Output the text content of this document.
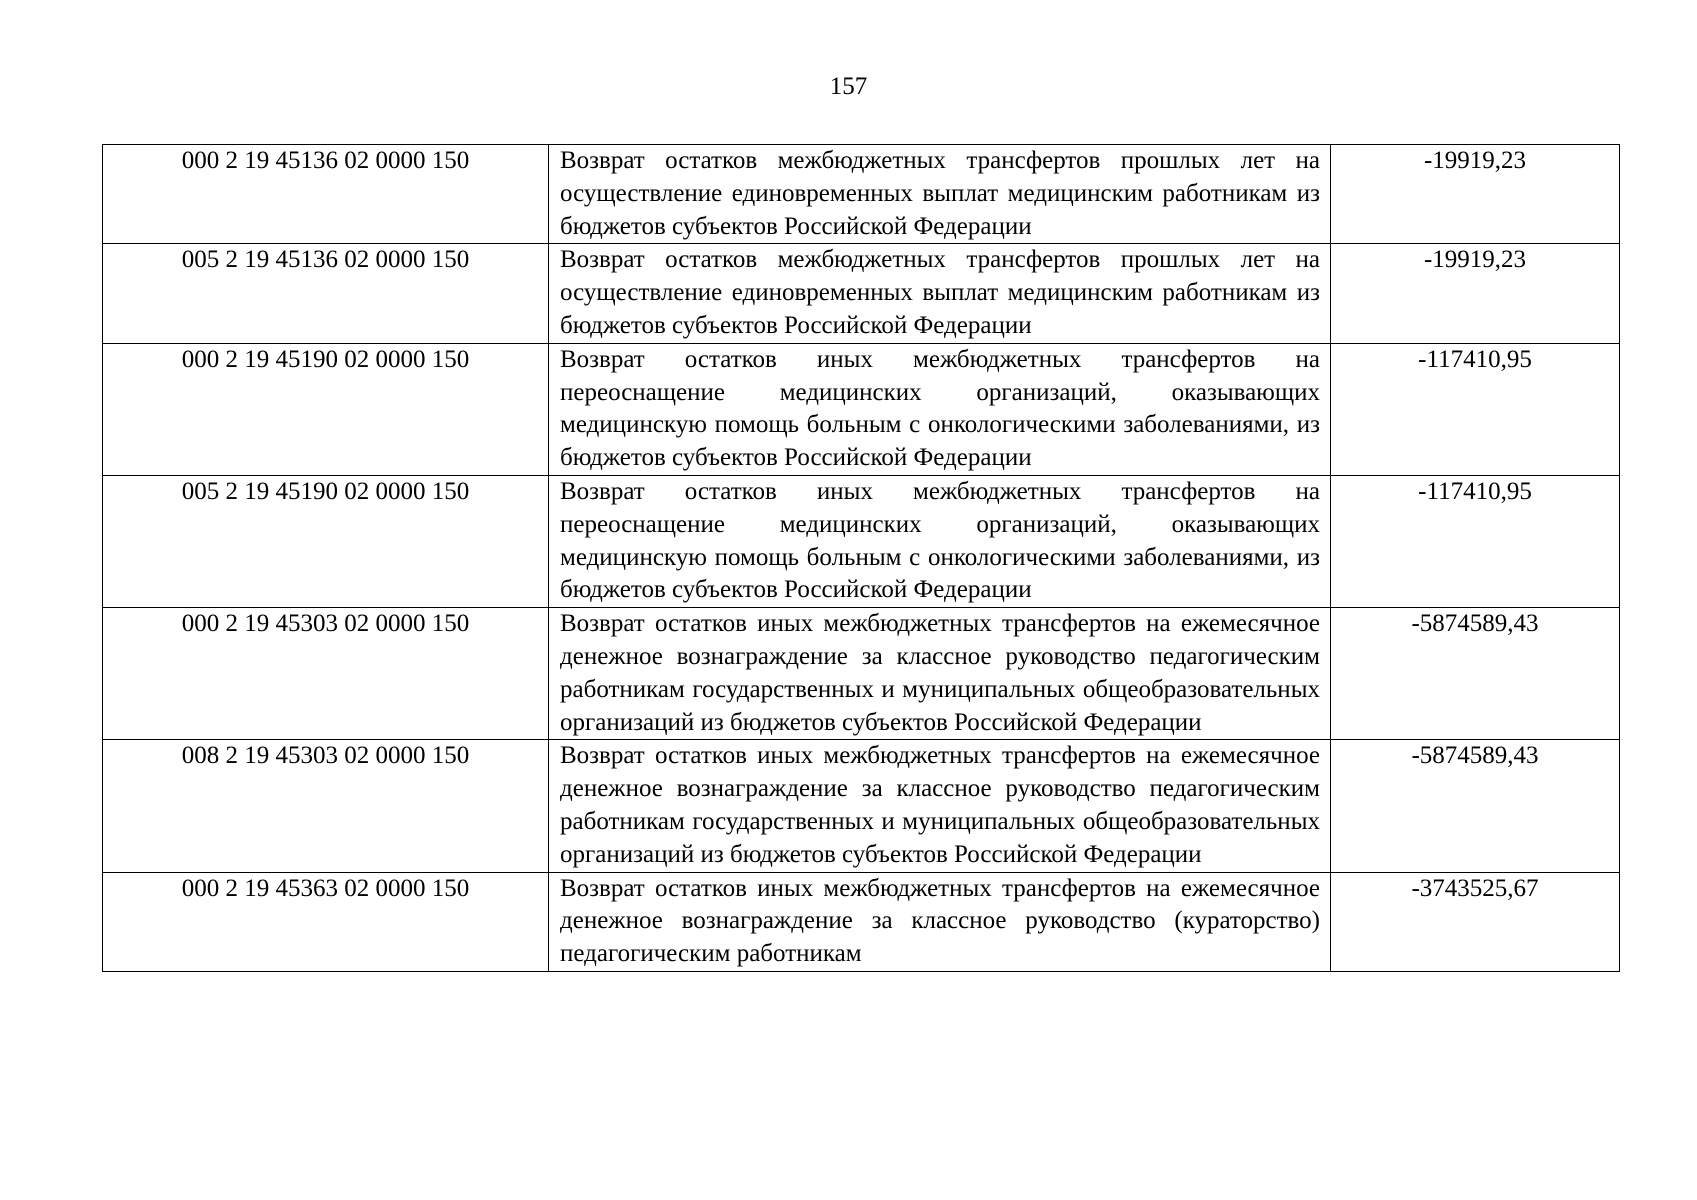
157
000 2 19 45136 02 0000 150	Возврат остатков межбюджетных трансфертов прошлых лет на осуществление единовременных выплат медицинским работникам из бюджетов субъектов Российской Федерации	-19919,23
005 2 19 45136 02 0000 150	Возврат остатков межбюджетных трансфертов прошлых лет на осуществление единовременных выплат медицинским работникам из бюджетов субъектов Российской Федерации	-19919,23
000 2 19 45190 02 0000 150	Возврат остатков иных межбюджетных трансфертов на переоснащение медицинских организаций, оказывающих медицинскую помощь больным с онкологическими заболеваниями, из бюджетов субъектов Российской Федерации	-117410,95
005 2 19 45190 02 0000 150	Возврат остатков иных межбюджетных трансфертов на переоснащение медицинских организаций, оказывающих медицинскую помощь больным с онкологическими заболеваниями, из бюджетов субъектов Российской Федерации	-117410,95
000 2 19 45303 02 0000 150	Возврат остатков иных межбюджетных трансфертов на ежемесячное денежное вознаграждение за классное руководство педагогическим работникам государственных и муниципальных общеобразовательных организаций из бюджетов субъектов Российской Федерации	-5874589,43
008 2 19 45303 02 0000 150	Возврат остатков иных межбюджетных трансфертов на ежемесячное денежное вознаграждение за классное руководство педагогическим работникам государственных и муниципальных общеобразовательных организаций из бюджетов субъектов Российской Федерации	-5874589,43
000 2 19 45363 02 0000 150	Возврат остатков иных межбюджетных трансфертов на ежемесячное денежное вознаграждение за классное руководство (кураторство) педагогическим работникам	-3743525,67
